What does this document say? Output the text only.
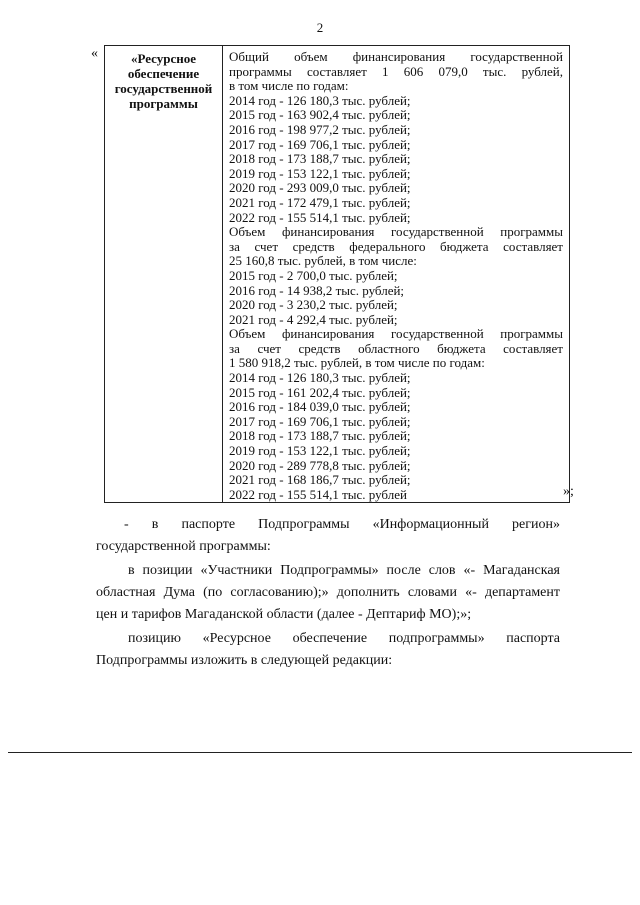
2
«	«Ресурсное
обеспечение
государственной
программы

Общий объем финансирования государственной
программы составляет 1 606 079,0 тыс. рублей,
в том числе по годам:
2014 год - 126 180,3 тыс. рублей;
2015 год - 163 902,4 тыс. рублей;
2016 год - 198 977,2 тыс. рублей;
2017 год - 169 706,1 тыс. рублей;
2018 год - 173 188,7 тыс. рублей;
2019 год - 153 122,1 тыс. рублей;
2020 год - 293 009,0 тыс. рублей;
2021 год - 172 479,1 тыс. рублей;
2022 год - 155 514,1 тыс. рублей;
Объем финансирования государственной программы
за счет средств федерального бюджета составляет
25 160,8 тыс. рублей, в том числе:
2015 год - 2 700,0 тыс. рублей;
2016 год - 14 938,2 тыс. рублей;
2020 год - 3 230,2 тыс. рублей;
2021 год - 4 292,4 тыс. рублей;
Объем финансирования государственной программы
за счет средств областного бюджета составляет
1 580 918,2 тыс. рублей, в том числе по годам:
2014 год - 126 180,3 тыс. рублей;
2015 год - 161 202,4 тыс. рублей;
2016 год - 184 039,0 тыс. рублей;
2017 год - 169 706,1 тыс. рублей;
2018 год - 173 188,7 тыс. рублей;
2019 год - 153 122,1 тыс. рублей;
2020 год - 289 778,8 тыс. рублей;
2021 год - 168 186,7 тыс. рублей;
2022 год - 155 514,1 тыс. рублей	»;

- в паспорте Подпрограммы «Информационный регион»

государственной программы:

в позиции «Участники Подпрограммы» после слов «- Магаданская

областная Дума (по согласованию);» дополнить словами «- департамент

цен и тарифов Магаданской области (далее - Дептариф МО);»;

позицию «Ресурсное обеспечение подпрограммы» паспорта

Подпрограммы изложить в следующей редакции:
